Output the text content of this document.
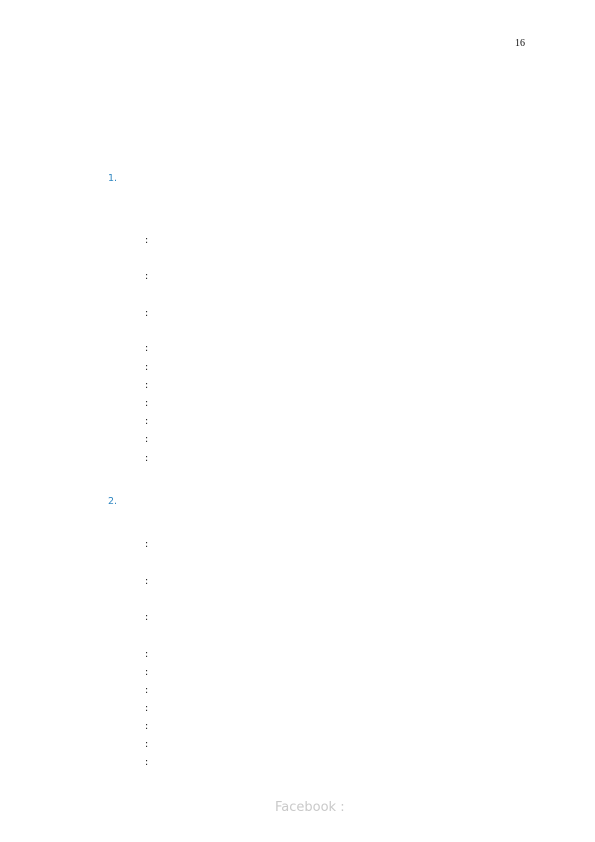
16
1.
:
:
:
:
:
:
:
:
:
:
2.
:
:
:
:
:
:
:
:
:
:
Facebook :
